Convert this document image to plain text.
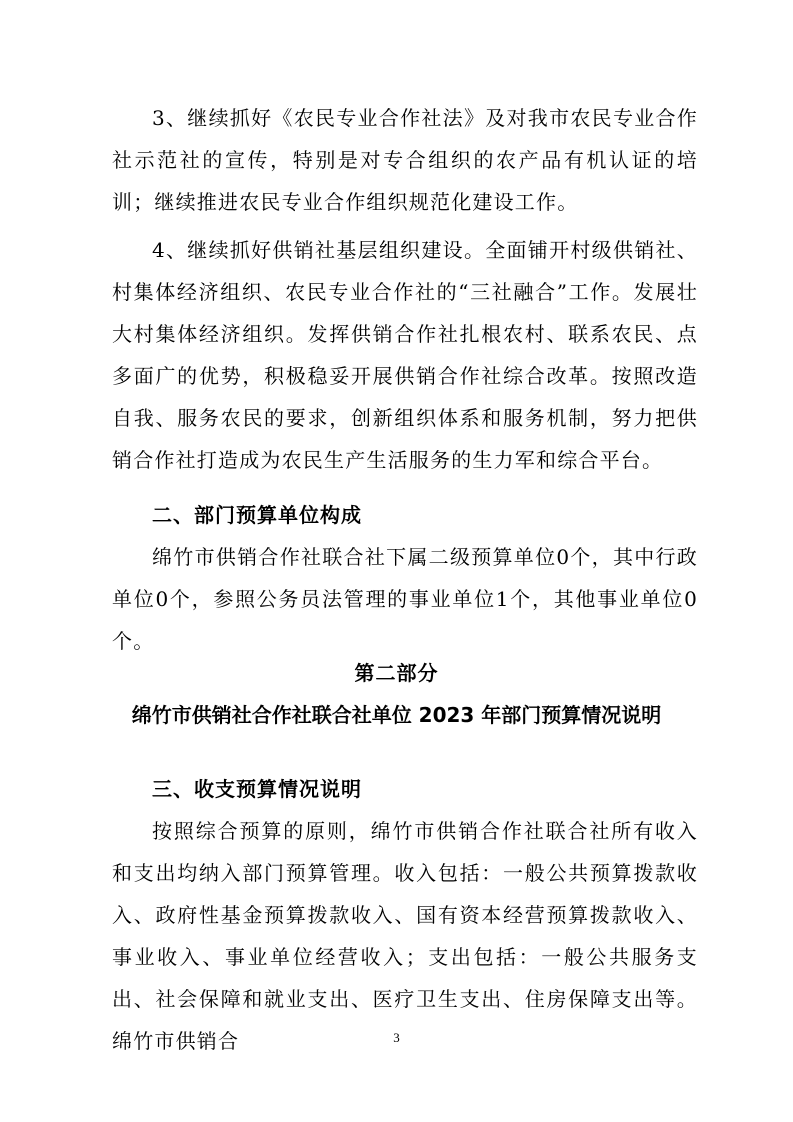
3、继续抓好《农民专业合作社法》及对我市农民专业合作社示范社的宣传，特别是对专合组织的农产品有机认证的培训；继续推进农民专业合作组织规范化建设工作。

4、继续抓好供销社基层组织建设。全面铺开村级供销社、村集体经济组织、农民专业合作社的“三社融合”工作。发展壮大村集体经济组织。发挥供销合作社扎根农村、联系农民、点多面广的优势，积极稳妥开展供销合作社综合改革。按照改造自我、服务农民的要求，创新组织体系和服务机制，努力把供销合作社打造成为农民生产生活服务的生力军和综合平台。

二、部门预算单位构成

绵竹市供销合作社联合社下属二级预算单位0个，其中行政单位0个，参照公务员法管理的事业单位1个，其他事业单位0个。

第二部分
绵竹市供销社合作社联合社单位 2023 年部门预算情况说明
三、收支预算情况说明

按照综合预算的原则，绵竹市供销合作社联合社所有收入和支出均纳入部门预算管理。收入包括：一般公共预算拨款收入、政府性基金预算拨款收入、国有资本经营预算拨款收入、事业收入、事业单位经营收入；支出包括：一般公共服务支出、社会保障和就业支出、医疗卫生支出、住房保障支出等。绵竹市供销合	3
